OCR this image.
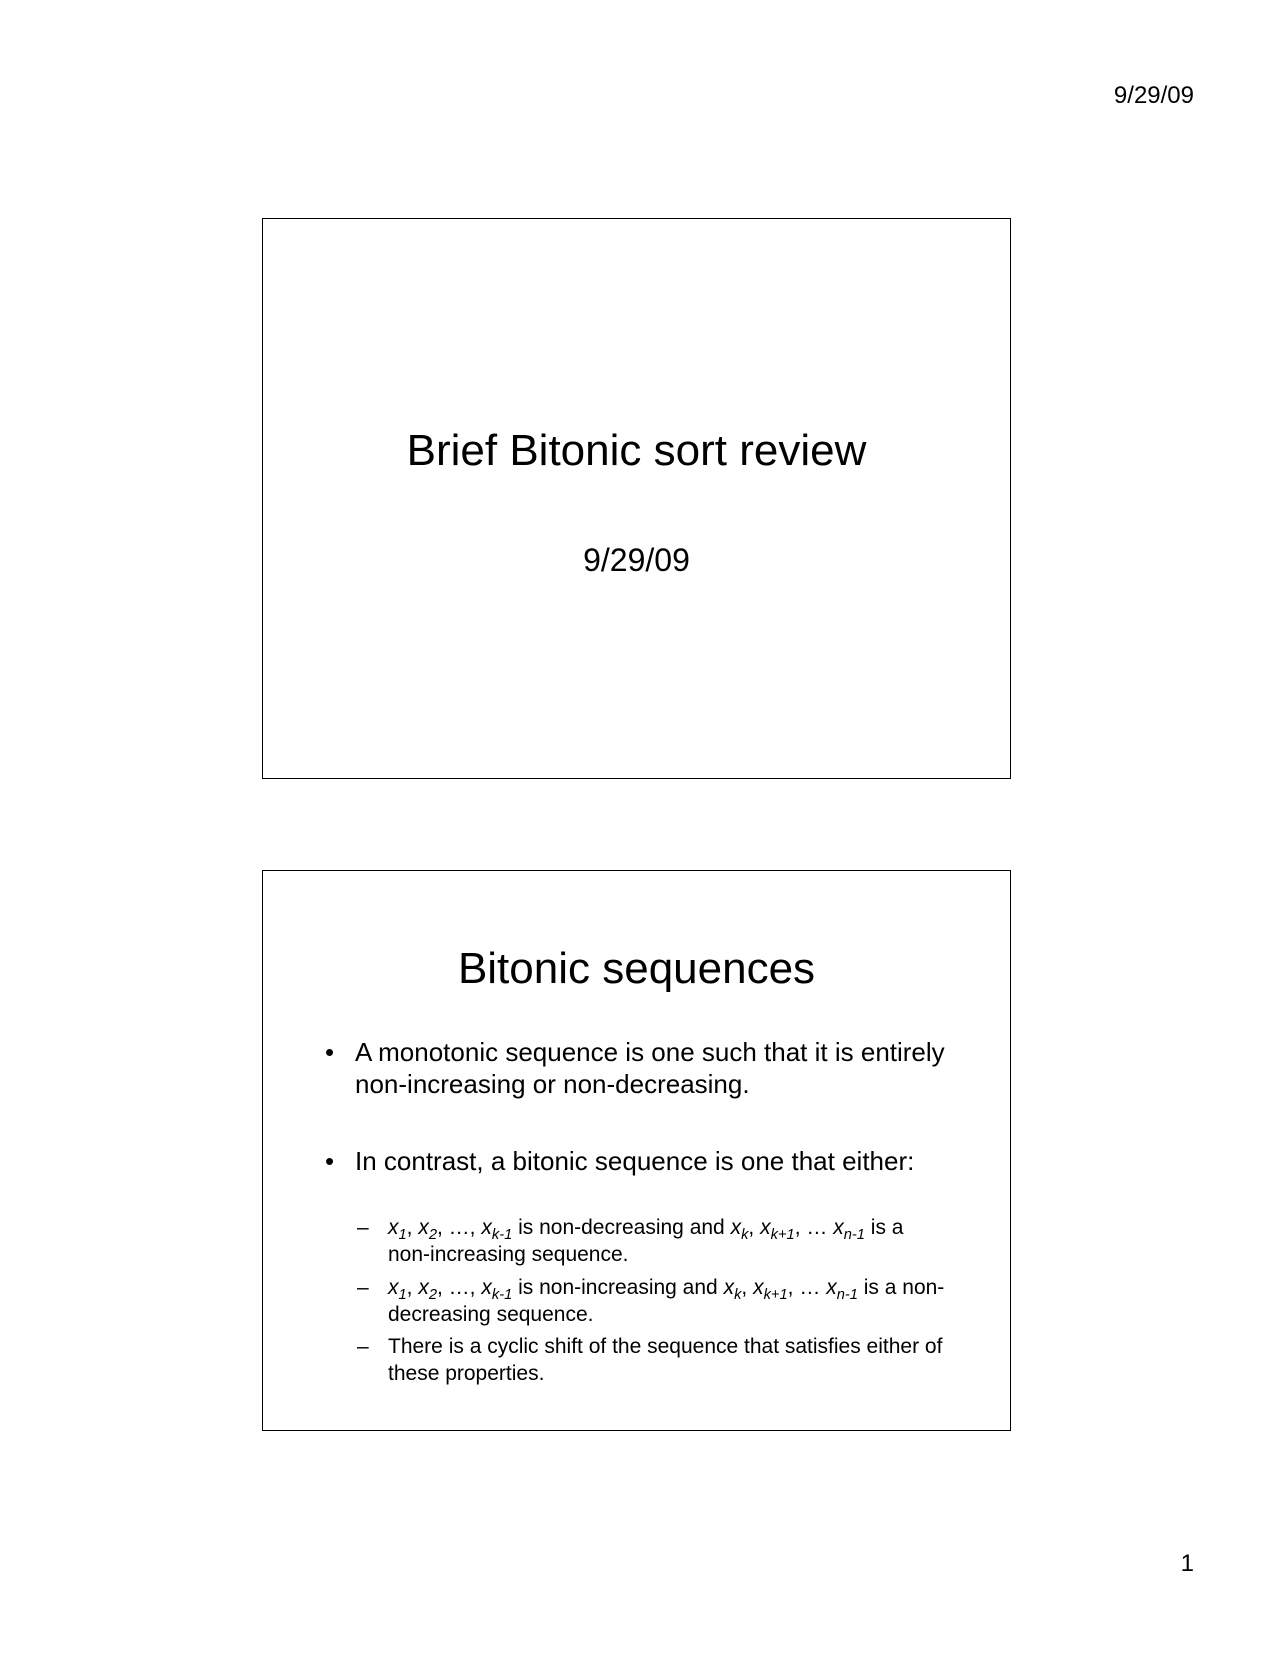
9/29/09
Brief Bitonic sort review
9/29/09
Bitonic sequences
• A monotonic sequence is one such that it is entirely non-increasing or non-decreasing.
• In contrast, a bitonic sequence is one that either:
– $x_1$, $x_2$, …, $x_{k-1}$ is non-decreasing and $x_k$, $x_{k+1}$, … $x_{n-1}$ is a non-increasing sequence.
– $x_1$, $x_2$, …, $x_{k-1}$ is non-increasing and $x_k$, $x_{k+1}$, … $x_{n-1}$ is a non-decreasing sequence.
– There is a cyclic shift of the sequence that satisfies either of these properties.
1
